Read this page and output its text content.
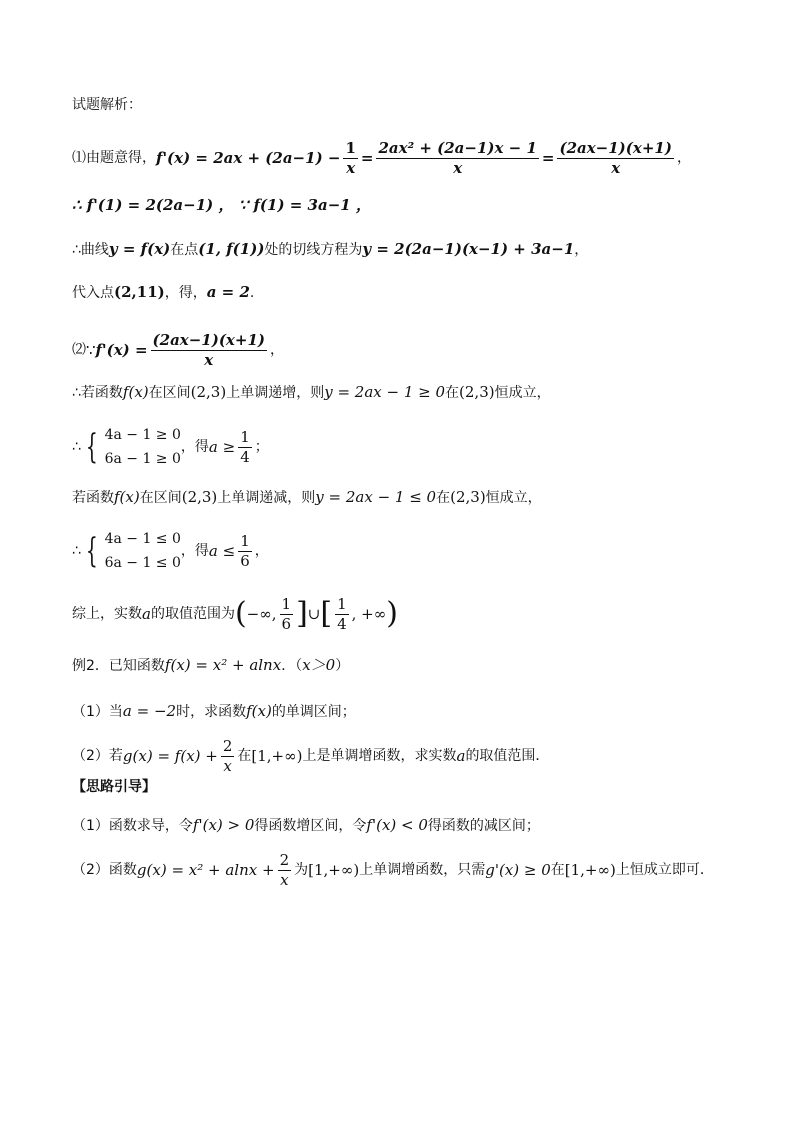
试题解析：
⑴ 由题意得， $f'(x) = 2ax + (2a-1) - \frac{1}{x} = \frac{\text{2ax² + (2a−1)x − 1}}{x} = \frac{(2ax-1)(x+1)}{x}$ ，
∴ f'(1) = 2(2a−1) ， ∵ f(1) = 3a−1 ，
∴曲线 y = f(x) 在点 (1, f(1)) 处的切线方程为 y = 2(2a−1)(x−1) + 3a−1 ，
代入点 (2,11) ，得， a = 2 .
⑵ ∵ $f'(x) = \frac{(2ax-1)(x+1)}{x}$ ，
∴若函数 f(x) 在区间 (2,3) 上单调递增，则 y = 2ax − 1 ≥ 0 在 (2,3) 恒成立，
∴ { 4a − 1 ≥ 0
6a − 1 ≥ 0
，得 $a \ge \frac{1}{4}$ ；
若函数 f(x) 在区间 (2,3) 上单调递减，则 y = 2ax − 1 ≤ 0 在 (2,3) 恒成立，
∴ { 4a − 1 ≤ 0
6a − 1 ≤ 0
，得 $a \le \frac{1}{6}$ ，
综上，实数 a 的取值范围为 ( −∞, $\frac{1}{6}$ ] ∪ [ $\frac{1}{4}$ , +∞ )
例2．已知函数 f(x) = x² + alnx ．（ x＞0 ）
（1）当 a = −2 时，求函数 f(x) 的单调区间；
（2）若 $g(x) = f(x) + \frac{2}{x}$ 在 [1,+∞) 上是单调增函数，求实数 a 的取值范围．
【思路引导】
（1）函数求导，令 f'(x) > 0 得函数增区间，令 f'(x) < 0 得函数的减区间；
（2）函数 $g(x) = x^2 + alnx + \frac{2}{x}$ 为 [1,+∞) 上单调增函数，只需 g'(x) ≥ 0 在 [1,+∞) 上恒成立即可．
